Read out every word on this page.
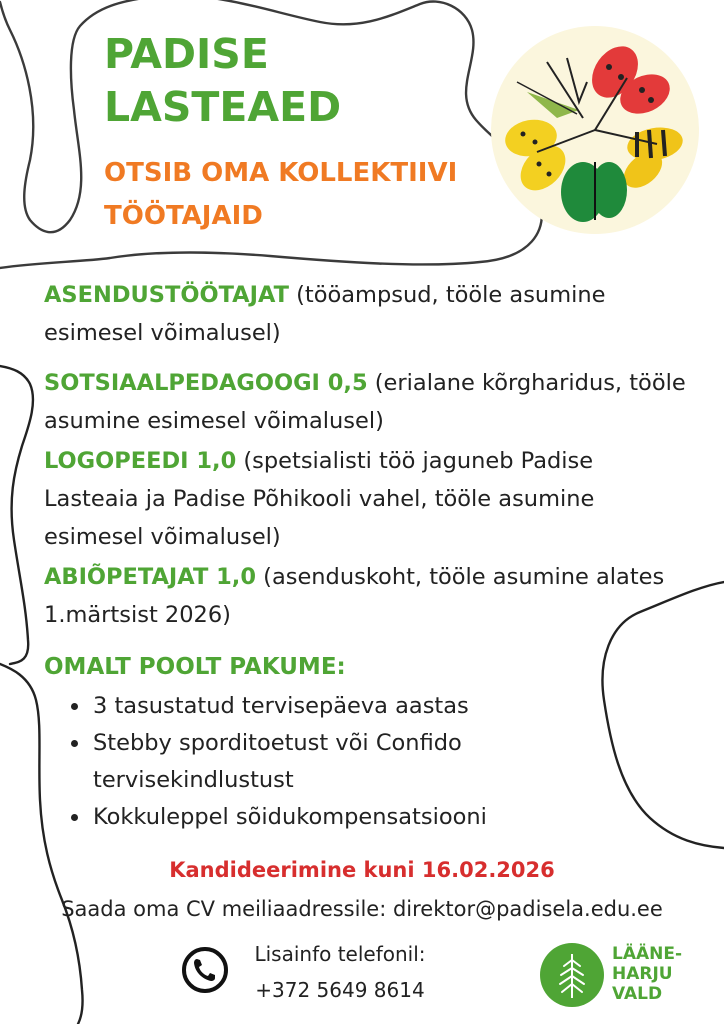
PADISE
LASTEAED
OTSIB OMA KOLLEKTIIVI
TÖÖTAJAID

ASENDUSTÖÖTAJAT (tööampsud, tööle asumine esimesel võimalusel)

SOTSIAALPEDAGOOGI 0,5 (erialane kõrgharidus, tööle asumine esimesel võimalusel)

LOGOPEEDI 1,0 (spetsialisti töö jaguneb Padise Lasteaia ja Padise Põhikooli vahel, tööle asumine esimesel võimalusel)

ABIÕPETAJAT 1,0 (asenduskoht, tööle asumine alates 1.märtsist 2026)

OMALT POOLT PAKUME:
• 3 tasustatud tervisepäeva aastas
• Stebby sporditoetust või Confido tervisekindlustust
• Kokkuleppel sõidukompensatsiooni
Kandideerimine kuni 16.02.2026
Saada oma CV meiliaadressile: direktor@padisela.edu.ee
Lisainfo telefonil:
+372 5649 8614
LÄÄNE-
HARJU
VALD
